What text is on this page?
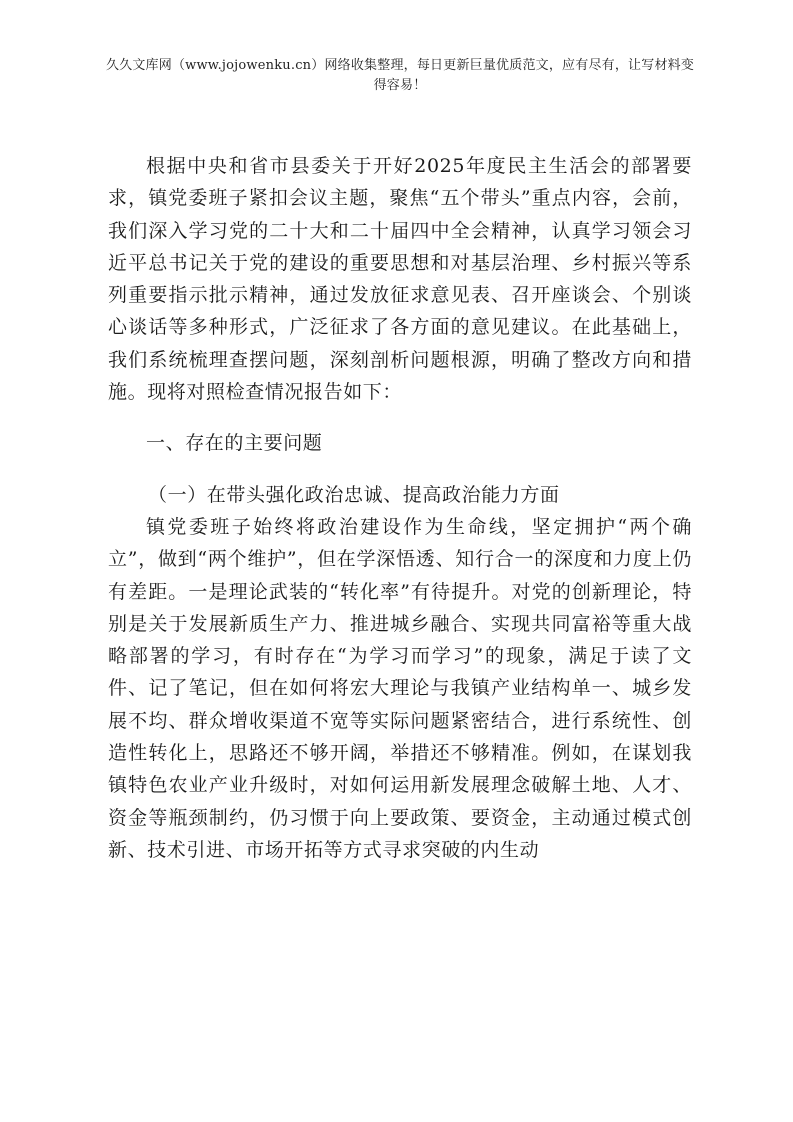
久久文库网（www.jojowenku.cn）网络收集整理，每日更新巨量优质范文，应有尽有，让写材料变得容易！

根据中央和省市县委关于开好2025年度民主生活会的部署要求，镇党委班子紧扣会议主题，聚焦“五个带头”重点内容，会前，我们深入学习党的二十大和二十届四中全会精神，认真学习领会习近平总书记关于党的建设的重要思想和对基层治理、乡村振兴等系列重要指示批示精神，通过发放征求意见表、召开座谈会、个别谈心谈话等多种形式，广泛征求了各方面的意见建议。在此基础上，我们系统梳理查摆问题，深刻剖析问题根源，明确了整改方向和措施。现将对照检查情况报告如下：

一、存在的主要问题

（一）在带头强化政治忠诚、提高政治能力方面

镇党委班子始终将政治建设作为生命线，坚定拥护“两个确立”，做到“两个维护”，但在学深悟透、知行合一的深度和力度上仍有差距。一是理论武装的“转化率”有待提升。对党的创新理论，特别是关于发展新质生产力、推进城乡融合、实现共同富裕等重大战略部署的学习，有时存在“为学习而学习”的现象，满足于读了文件、记了笔记，但在如何将宏大理论与我镇产业结构单一、城乡发展不均、群众增收渠道不宽等实际问题紧密结合，进行系统性、创造性转化上，思路还不够开阔，举措还不够精准。例如，在谋划我镇特色农业产业升级时，对如何运用新发展理念破解土地、人才、资金等瓶颈制约，仍习惯于向上要政策、要资金，主动通过模式创新、技术引进、市场开拓等方式寻求突破的内生动
